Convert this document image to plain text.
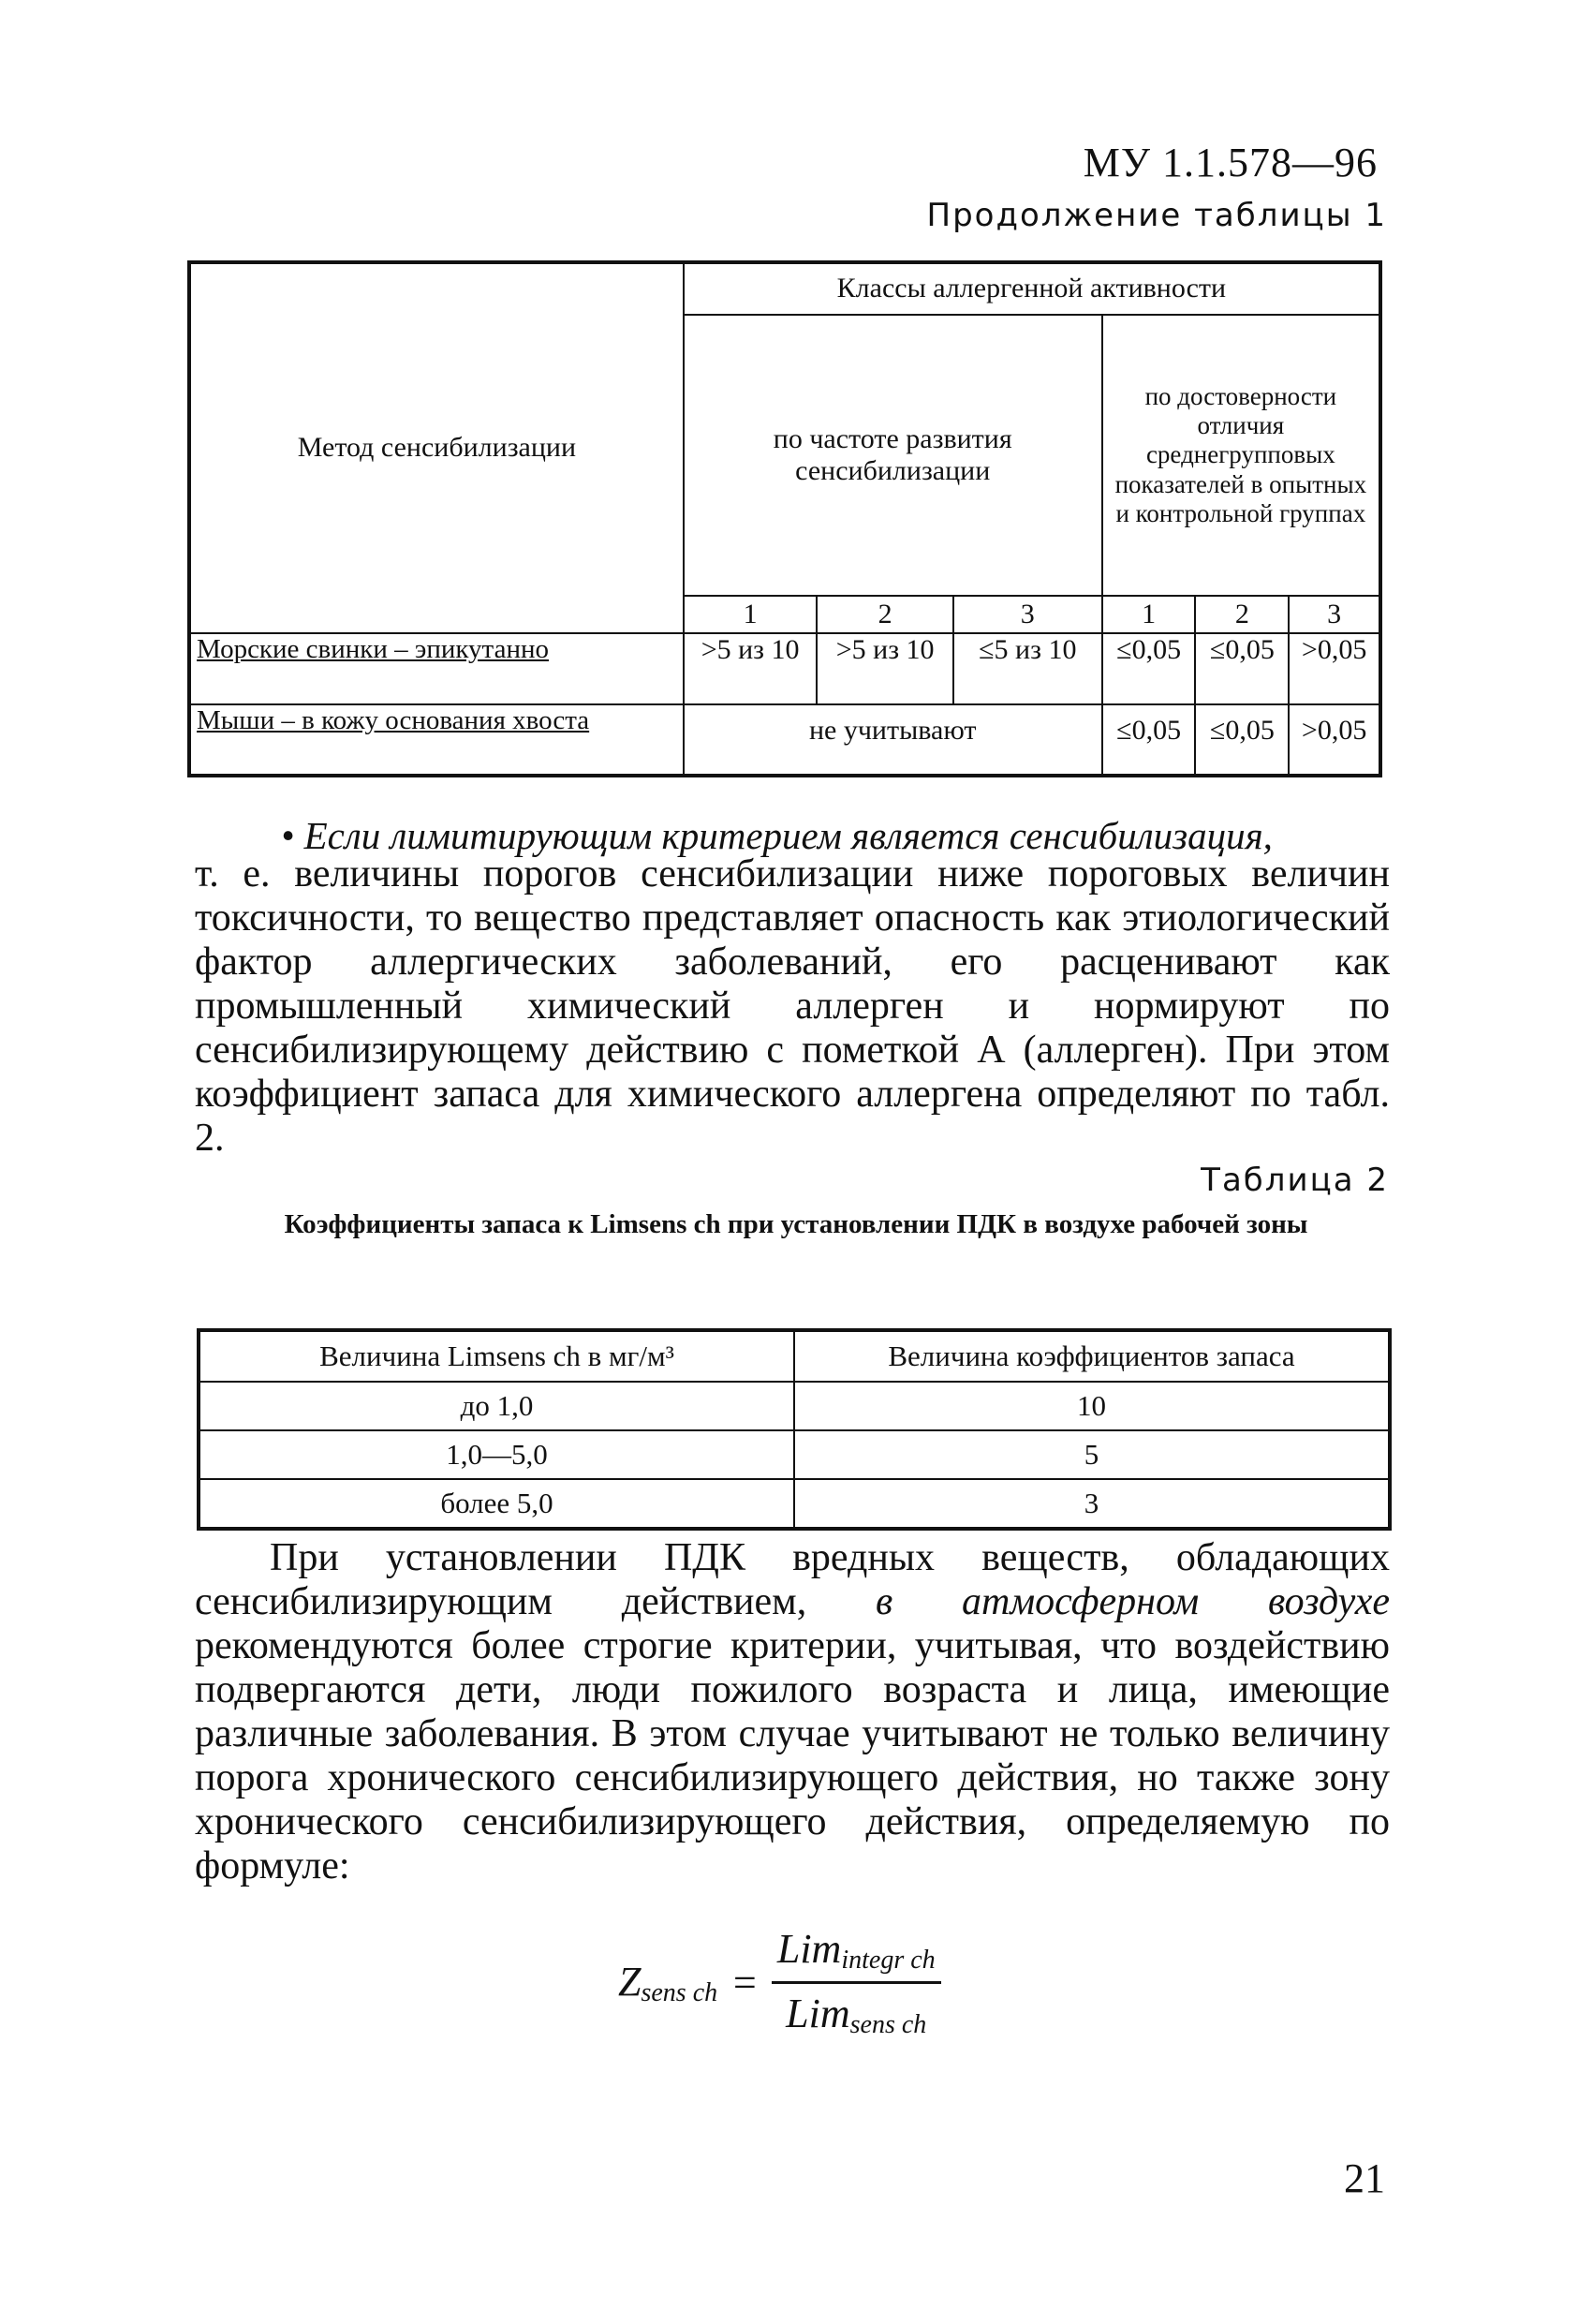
МУ 1.1.578—96
Продолжение таблицы 1
Метод сенсибилизации	Классы аллергенной активности					
	по частоте развития сенсибилизации			по достоверности отличия среднегрупповых показателей в опытных и контрольной группах		
	1	2	3	1	2	3
Морские свинки – эпикутанно	>5 из 10	>5 из 10	≤5 из 10	≤0,05	≤0,05	>0,05
Мыши – в кожу основания хвоста	не учитывают			≤0,05	≤0,05	>0,05
• Если лимитирующим критерием является сенсибилизация,
т. е. величины порогов сенсибилизации ниже пороговых величин токсичности, то вещество представляет опасность как этиологический фактор аллергических заболеваний, его расценивают как промышленный химический аллерген и нормируют по сенсибилизирующему действию с пометкой А (аллерген). При этом коэффициент запаса для химического аллергена определяют по табл. 2.
Таблица 2
Коэффициенты запаса к Limsens ch при установлении ПДК в воздухе рабочей зоны
Величина Limsens ch в мг/м³	Величина коэффициентов запаса
до 1,0	10
1,0—5,0	5
более 5,0	3
При установлении ПДК вредных веществ, обладающих сенсибилизирующим действием, в атмосферном воздухе рекомендуются более строгие критерии, учитывая, что воздействию подвергаются дети, люди пожилого возраста и лица, имеющие различные заболевания. В этом случае учитывают не только величину порога хронического сенсибилизирующего действия, но также зону хронического сенсибилизирующего действия, определяемую по формуле:
$Z_{sens ch} = \frac{Lim_{integr ch}}{Lim_{sens ch}}$
21
